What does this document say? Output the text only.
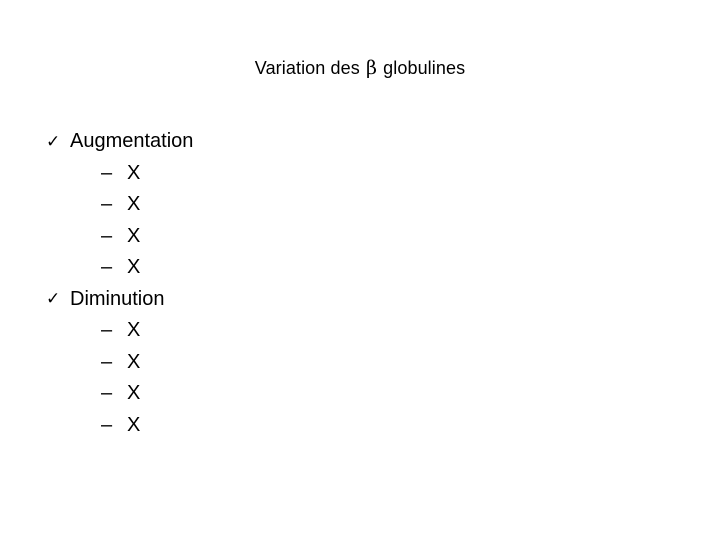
Variation des β globulines
✓ Augmentation
– X
– X
– X
– X
✓ Diminution
– X
– X
– X
– X
